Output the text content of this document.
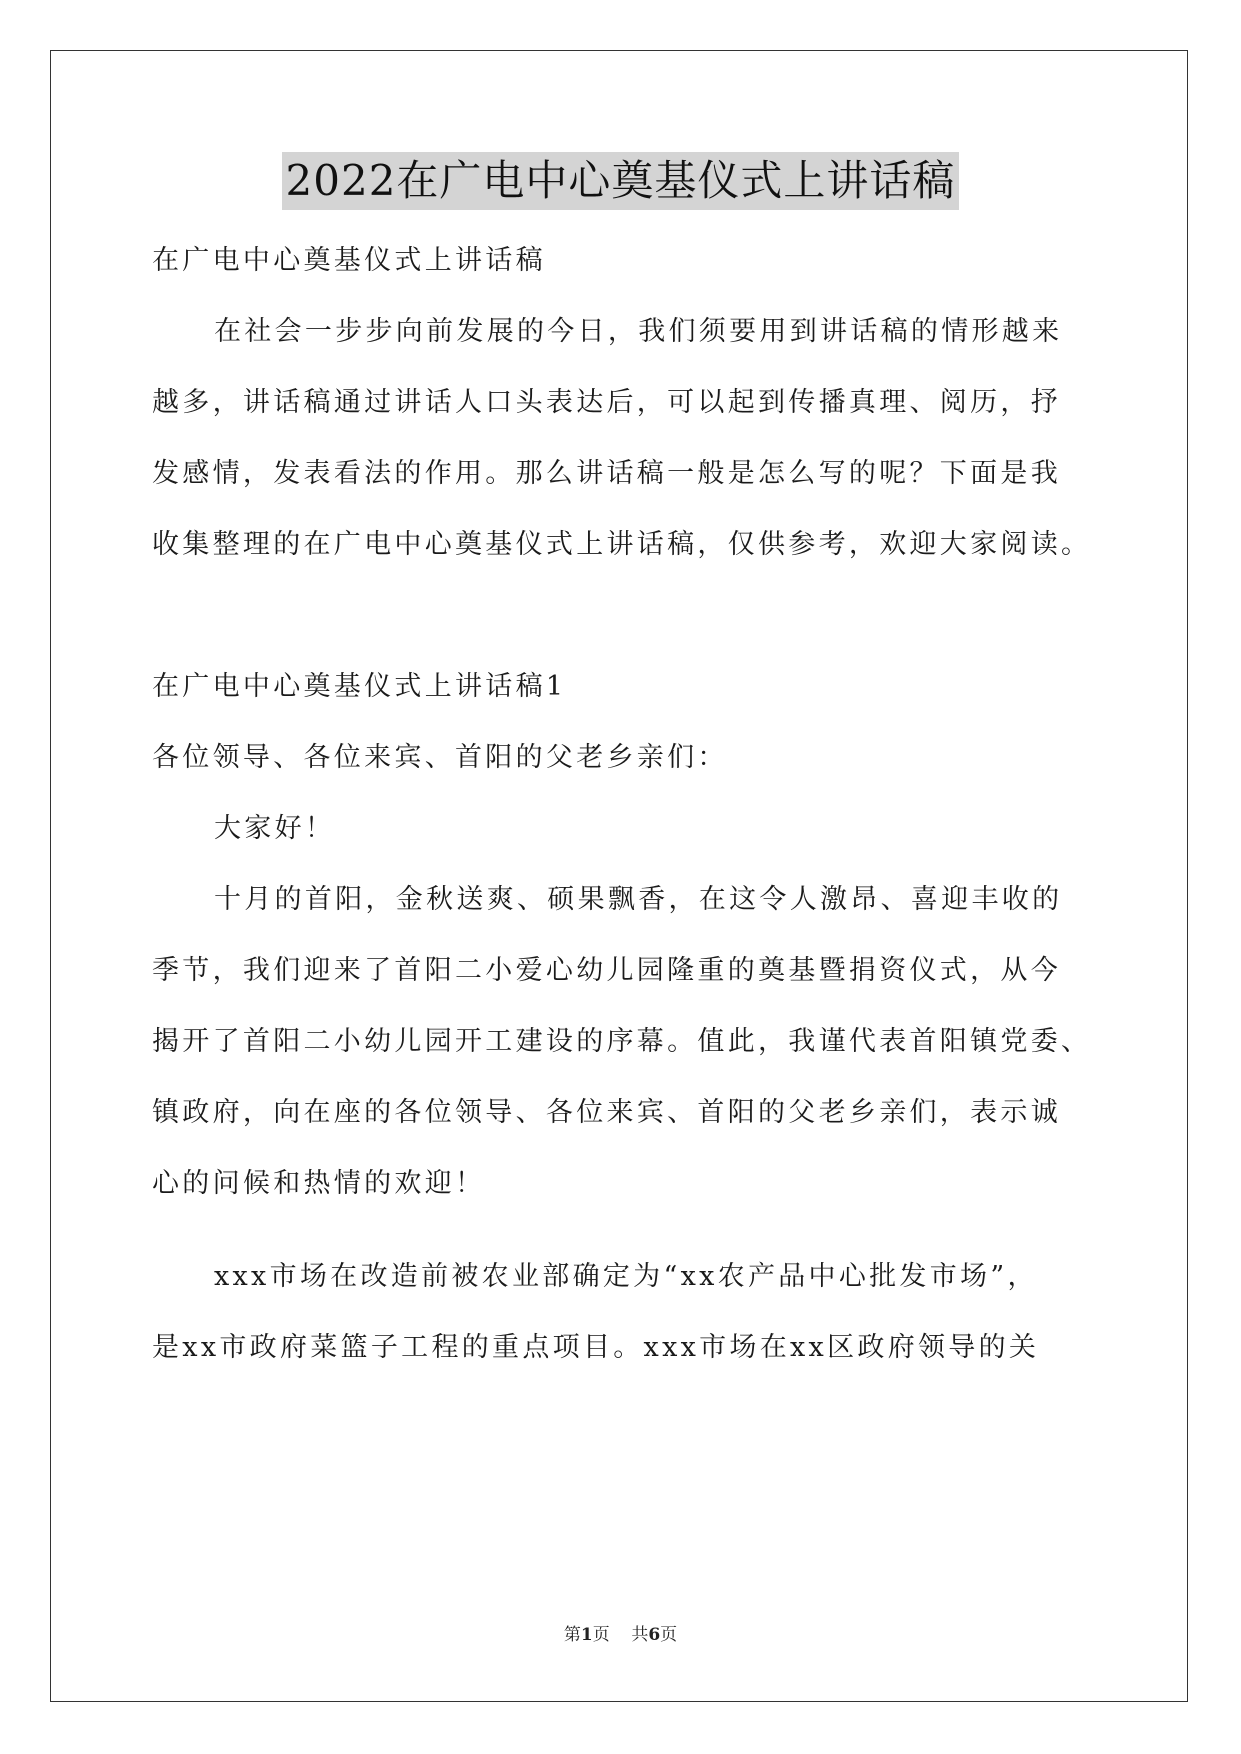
2022在广电中心奠基仪式上讲话稿
在广电中心奠基仪式上讲话稿
在社会一步步向前发展的今日，我们须要用到讲话稿的情形越来
越多，讲话稿通过讲话人口头表达后，可以起到传播真理、阅历，抒
发感情，发表看法的作用。那么讲话稿一般是怎么写的呢？下面是我
收集整理的在广电中心奠基仪式上讲话稿，仅供参考，欢迎大家阅读。
在广电中心奠基仪式上讲话稿1
各位领导、各位来宾、首阳的父老乡亲们：
大家好！
十月的首阳，金秋送爽、硕果飘香，在这令人激昂、喜迎丰收的
季节，我们迎来了首阳二小爱心幼儿园隆重的奠基暨捐资仪式，从今
揭开了首阳二小幼儿园开工建设的序幕。值此，我谨代表首阳镇党委、
镇政府，向在座的各位领导、各位来宾、首阳的父老乡亲们，表示诚
心的问候和热情的欢迎！
xxx市场在改造前被农业部确定为“xx农产品中心批发市场”，
是xx市政府菜篮子工程的重点项目。xxx市场在xx区政府领导的关
第1页 共6页
